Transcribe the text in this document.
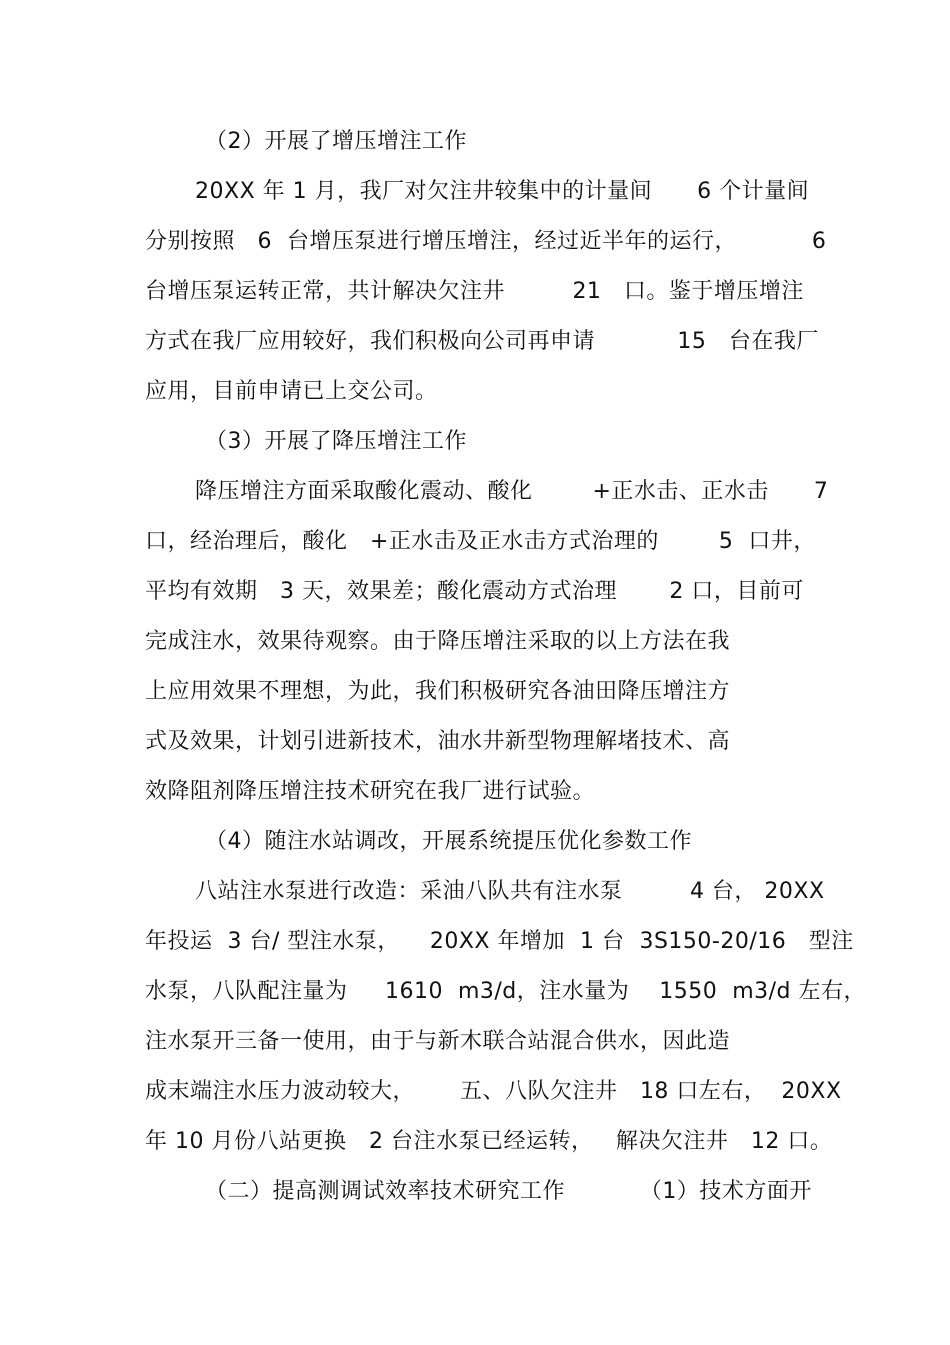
（2）开展了增压增注工作
20XX 年 1 月，我厂对欠注井较集中的计量间      6 个计量间
分别按照   6  台增压泵进行增压增注，经过近半年的运行，          6
台增压泵运转正常，共计解决欠注井         21   口。鉴于增压增注
方式在我厂应用较好，我们积极向公司再申请           15   台在我厂
应用，目前申请已上交公司。
（3）开展了降压增注工作
降压增注方面采取酸化震动、酸化        +正水击、正水击      7
口，经治理后，酸化   +正水击及正水击方式治理的        5  口井，
平均有效期   3 天，效果差；酸化震动方式治理       2 口，目前可
完成注水，效果待观察。由于降压增注采取的以上方法在我
上应用效果不理想，为此，我们积极研究各油田降压增注方
式及效果，计划引进新技术，油水井新型物理解堵技术、高
效降阻剂降压增注技术研究在我厂进行试验。
（4）随注水站调改，开展系统提压优化参数工作
八站注水泵进行改造：采油八队共有注水泵         4 台， 20XX
年投运  3 台/ 型注水泵，    20XX 年增加  1 台  3S150-20/16   型注
水泵，八队配注量为     1610  m3/d，注水量为    1550  m3/d 左右，
注水泵开三备一使用，由于与新木联合站混合供水，因此造
成末端注水压力波动较大，      五、八队欠注井   18 口左右，  20XX
年 10 月份八站更换   2 台注水泵已经运转，   解决欠注井   12 口。
（二）提高测调试效率技术研究工作          （1）技术方面开
